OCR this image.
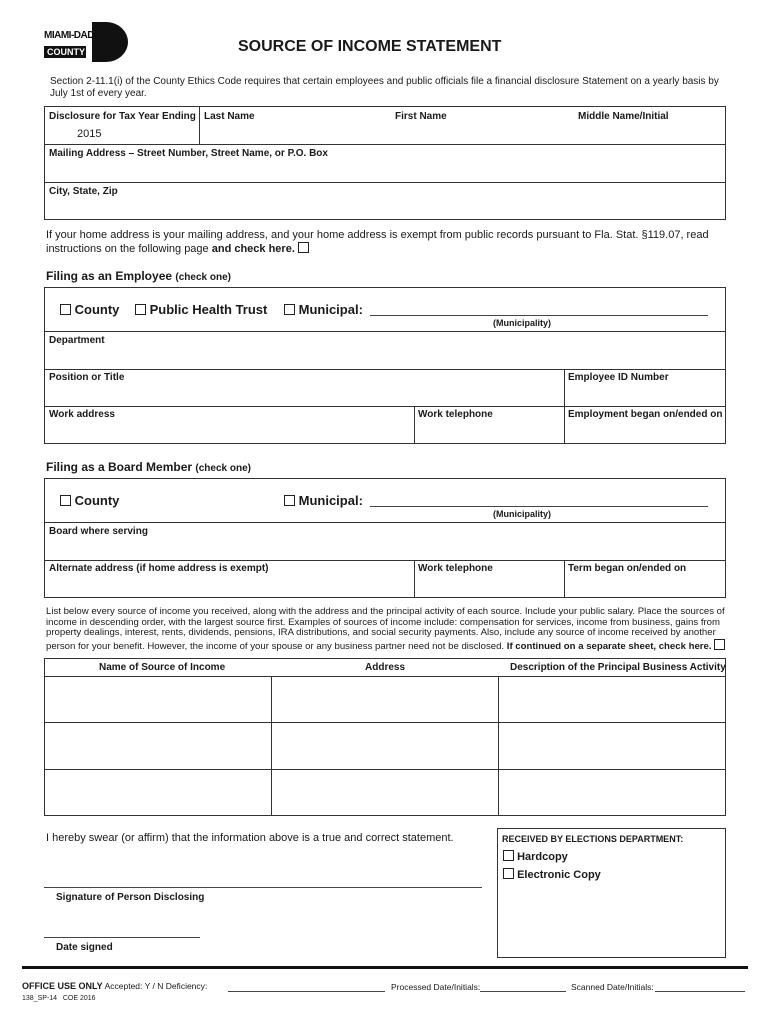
MIAMI-DADE
COUNTY	SOURCE OF INCOME STATEMENT
Section 2-11.1(i) of the County Ethics Code requires that certain employees and public officials file a financial disclosure Statement on a yearly basis by July 1st of every year.
Disclosure for Tax Year Ending
2015
Last Name	First Name	Middle Name/Initial
Mailing Address – Street Number, Street Name, or P.O. Box
City, State, Zip
If your home address is your mailing address, and your home address is exempt from public records pursuant to Fla. Stat. §119.07, read instructions on the following page and check here.
Filing as an Employee (check one)
County	Public Health Trust	Municipal:
(Municipality)
Department
Position or Title	Employee ID Number
Work address	Work telephone	Employment began on/ended on
Filing as a Board Member (check one)
County	Municipal:
(Municipality)
Board where serving
Alternate address (if home address is exempt)	Work telephone	Term began on/ended on
List below every source of income you received, along with the address and the principal activity of each source. Include your public salary. Place the sources of income in descending order, with the largest source first. Examples of sources of income include: compensation for services, income from business, gains from property dealings, interest, rents, dividends, pensions, IRA distributions, and social security payments. Also, include any source of income received by another person for your benefit. However, the income of your spouse or any business partner need not be disclosed. If continued on a separate sheet, check here.
Name of Source of Income	Address	Description of the Principal Business Activity
I hereby swear (or affirm) that the information above is a true and correct statement.
Signature of Person Disclosing
Date signed
RECEIVED BY ELECTIONS DEPARTMENT:
Hardcopy
Electronic Copy
OFFICE USE ONLY Accepted: Y / N Deficiency:	Processed Date/Initials:	Scanned Date/Initials:
138_SP-14   COE 2016
